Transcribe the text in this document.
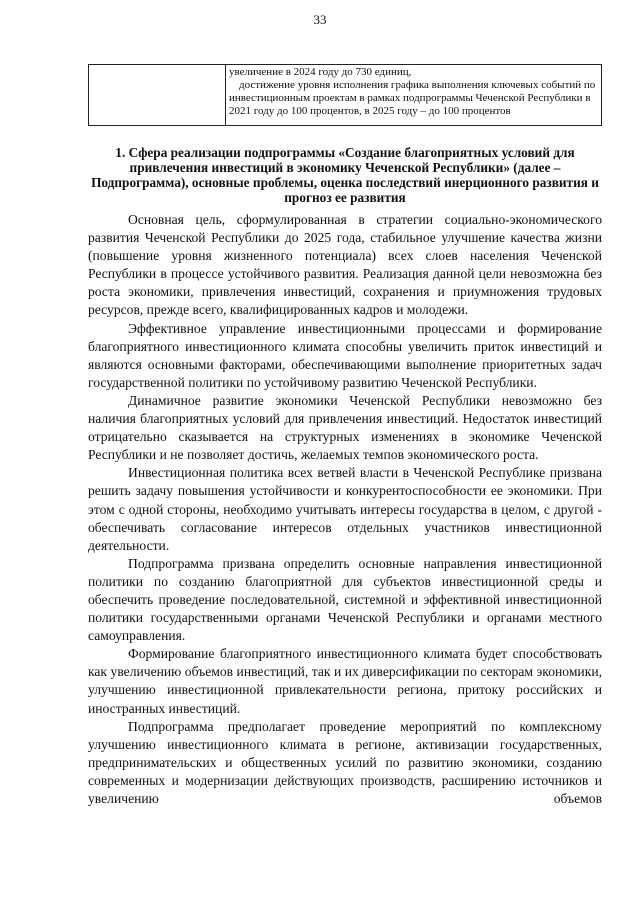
33

увеличение в 2024 году до 730 единиц,
достижение уровня исполнения графика выполнения ключевых событий по инвестиционным проектам в рамках подпрограммы Чеченской Республики в 2021 году до 100 процентов, в 2025 году – до 100 процентов
1. Сфера реализации подпрограммы «Создание благоприятных условий для привлечения инвестиций в экономику Чеченской Республики» (далее – Подпрограмма), основные проблемы, оценка последствий инерционного развития и прогноз ее развития

Основная цель, сформулированная в стратегии социально-экономического развития Чеченской Республики до 2025 года, стабильное улучшение качества жизни (повышение уровня жизненного потенциала) всех слоев населения Чеченской Республики в процессе устойчивого развития. Реализация данной цели невозможна без роста экономики, привлечения инвестиций, сохранения и приумножения трудовых ресурсов, прежде всего, квалифицированных кадров и молодежи.

Эффективное управление инвестиционными процессами и формирование благоприятного инвестиционного климата способны увеличить приток инвестиций и являются основными факторами, обеспечивающими выполнение приоритетных задач государственной политики по устойчивому развитию Чеченской Республики.

Динамичное развитие экономики Чеченской Республики невозможно без наличия благоприятных условий для привлечения инвестиций. Недостаток инвестиций отрицательно сказывается на структурных изменениях в экономике Чеченской Республики и не позволяет достичь, желаемых темпов экономического роста.

Инвестиционная политика всех ветвей власти в Чеченской Республике призвана решить задачу повышения устойчивости и конкурентоспособности ее экономики. При этом с одной стороны, необходимо учитывать интересы государства в целом, с другой - обеспечивать согласование интересов отдельных участников инвестиционной деятельности.

Подпрограмма призвана определить основные направления инвестиционной политики по созданию благоприятной для субъектов инвестиционной среды и обеспечить проведение последовательной, системной и эффективной инвестиционной политики государственными органами Чеченской Республики и органами местного самоуправления.

Формирование благоприятного инвестиционного климата будет способствовать как увеличению объемов инвестиций, так и их диверсификации по секторам экономики, улучшению инвестиционной привлекательности региона, притоку российских и иностранных инвестиций.

Подпрограмма предполагает проведение мероприятий по комплексному улучшению инвестиционного климата в регионе, активизации государственных, предпринимательских и общественных усилий по развитию экономики, созданию современных и модернизации действующих производств, расширению источников и увеличению объемов
